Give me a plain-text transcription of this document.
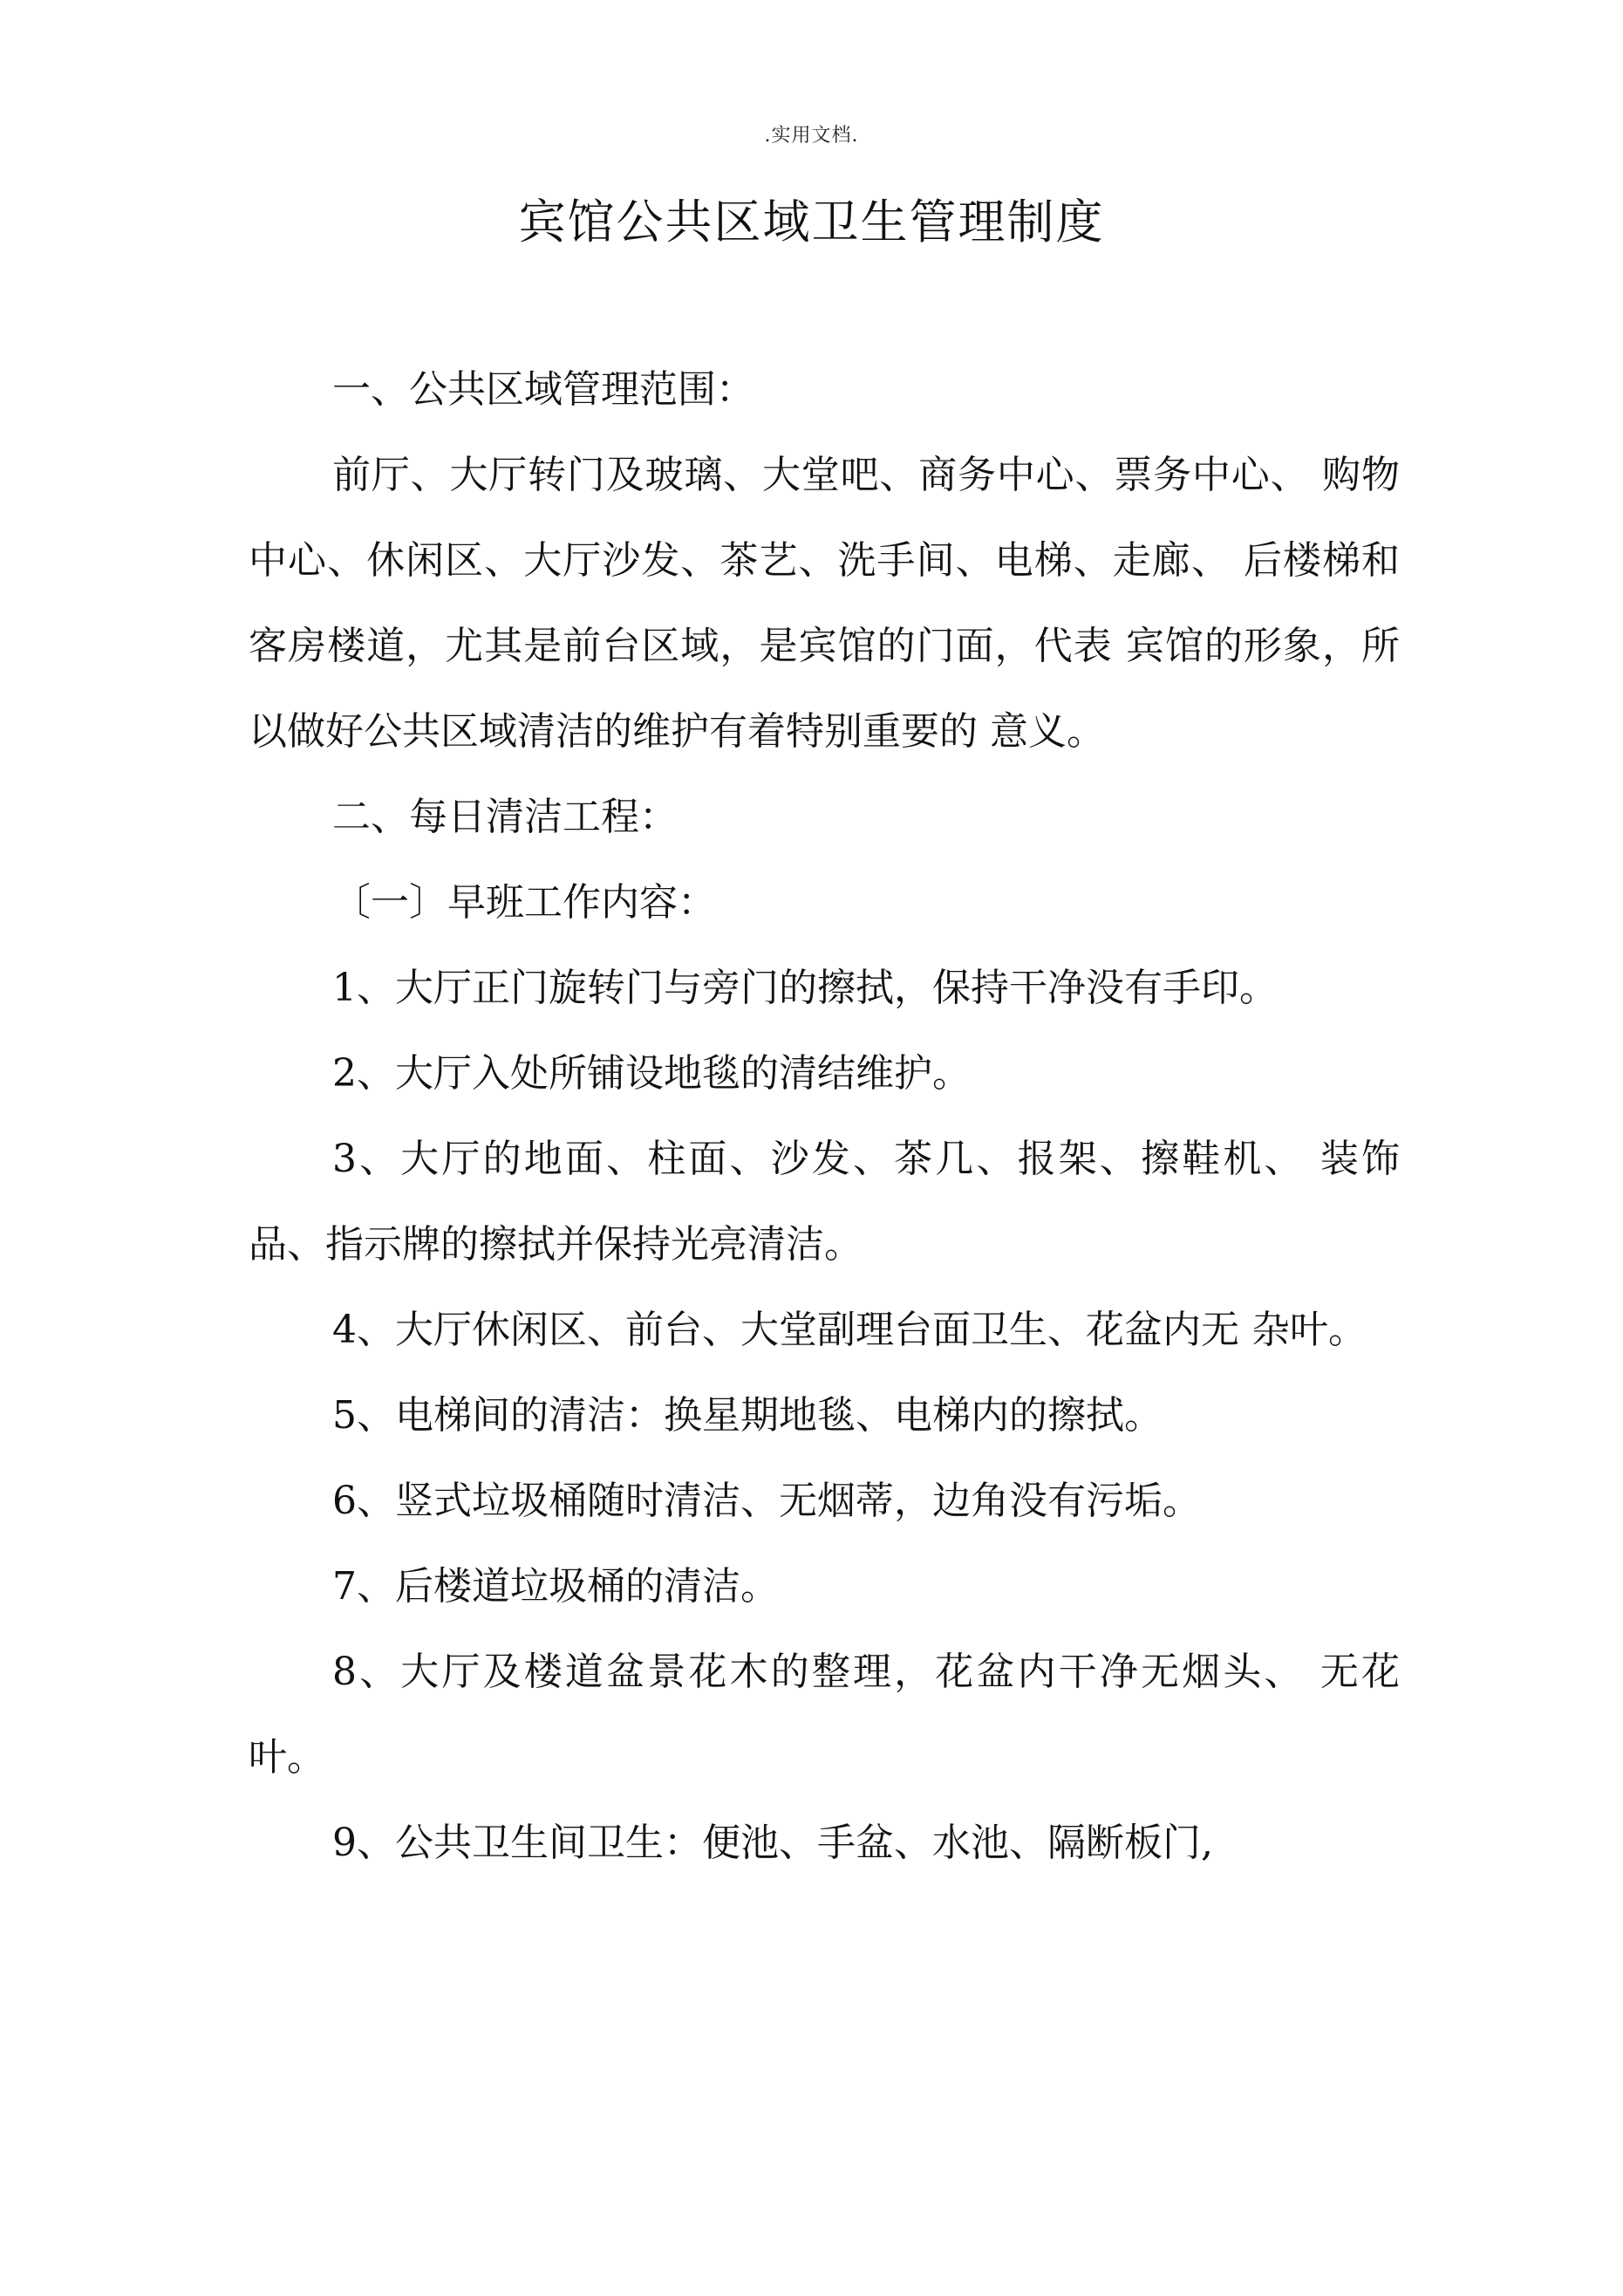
.实用文档.
宾馆公共区域卫生管理制度

一、公共区域管理范围：

前厅、大厅转门及玻璃、大堂吧、商务中心、票务中心、 购物中心、休闲区、大厅沙发、茶艺、洗手间、电梯、走廊、 后楼梯和客房楼道，尤其是前台区域，是宾馆的门面，代表 宾馆的形象，所以做好公共区域清洁的维护有着特别重要的 意义。

二、每日清洁工程：

〔一〕早班工作内容：

1、大厅正门旋转门与旁门的擦拭，保持干净没有手印。

2、大厅入处所铺设地毯的清结维护。

3、大厅的地面、柱面、沙发、茶几、报架、擦鞋机、 装饰品、指示牌的擦拭并保持光亮清洁。

4、大厅休闲区、前台、大堂副理台面卫生、花盆内无 杂叶。

5、电梯间的清洁：换星期地毯、电梯内的擦拭。

6、竖式垃圾桶随时清洁、无烟蒂，边角没有污垢。

7、后楼道垃圾桶的清洁。

8、大厅及楼道盆景花木的整理，花盆内干净无烟头、 无花叶。

9、公共卫生间卫生：便池、手盆、水池、隔断板门,
